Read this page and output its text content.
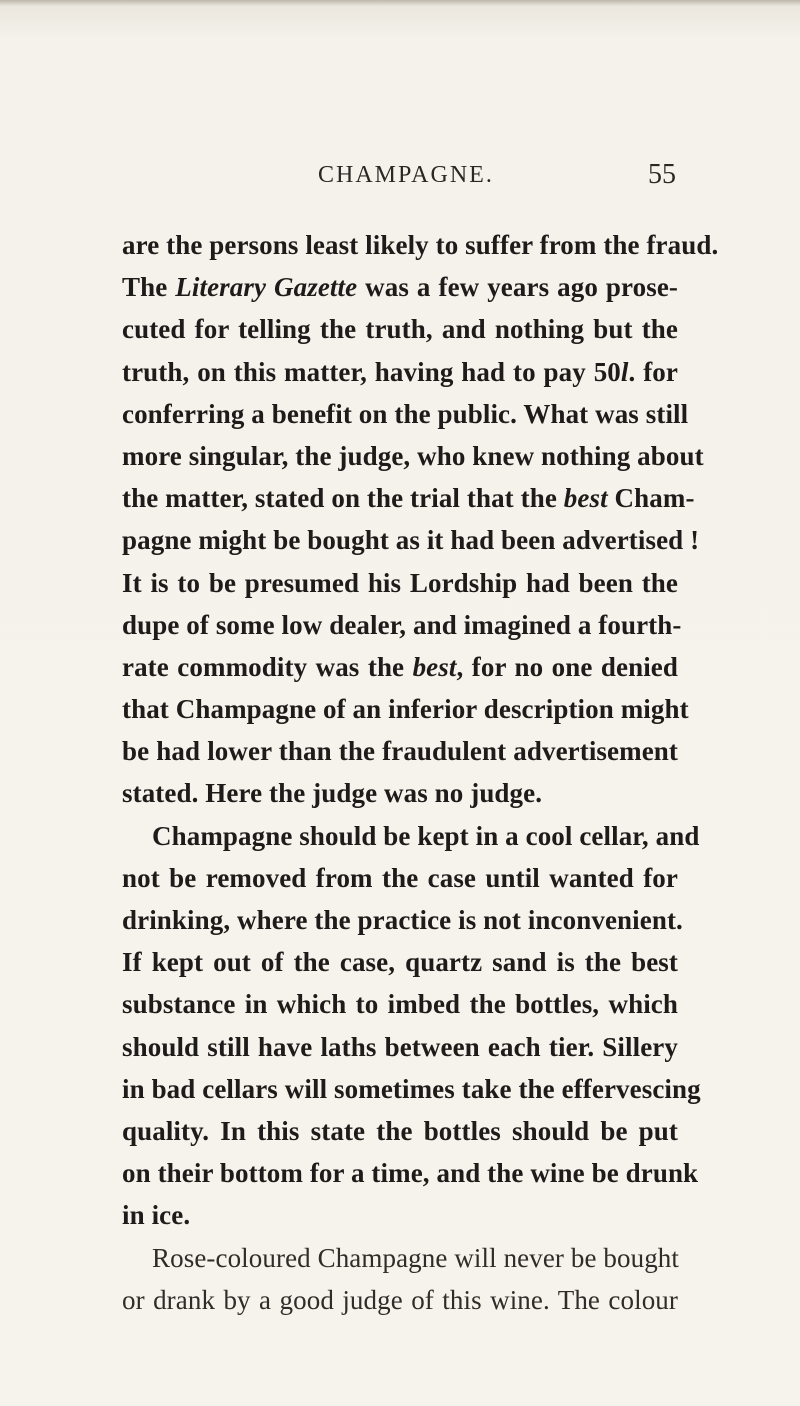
CHAMPAGNE.	55
are the persons least likely to suffer from the fraud.
The Literary Gazette was a few years ago prose-
cuted for telling the truth, and nothing but the
truth, on this matter, having had to pay 50l. for
conferring a benefit on the public. What was still
more singular, the judge, who knew nothing about
the matter, stated on the trial that the best Cham-
pagne might be bought as it had been advertised !
It is to be presumed his Lordship had been the
dupe of some low dealer, and imagined a fourth-
rate commodity was the best, for no one denied
that Champagne of an inferior description might
be had lower than the fraudulent advertisement
stated. Here the judge was no judge.
Champagne should be kept in a cool cellar, and
not be removed from the case until wanted for
drinking, where the practice is not inconvenient.
If kept out of the case, quartz sand is the best
substance in which to imbed the bottles, which
should still have laths between each tier. Sillery
in bad cellars will sometimes take the effervescing
quality. In this state the bottles should be put
on their bottom for a time, and the wine be drunk
in ice.
Rose-coloured Champagne will never be bought
or drank by a good judge of this wine. The colour
